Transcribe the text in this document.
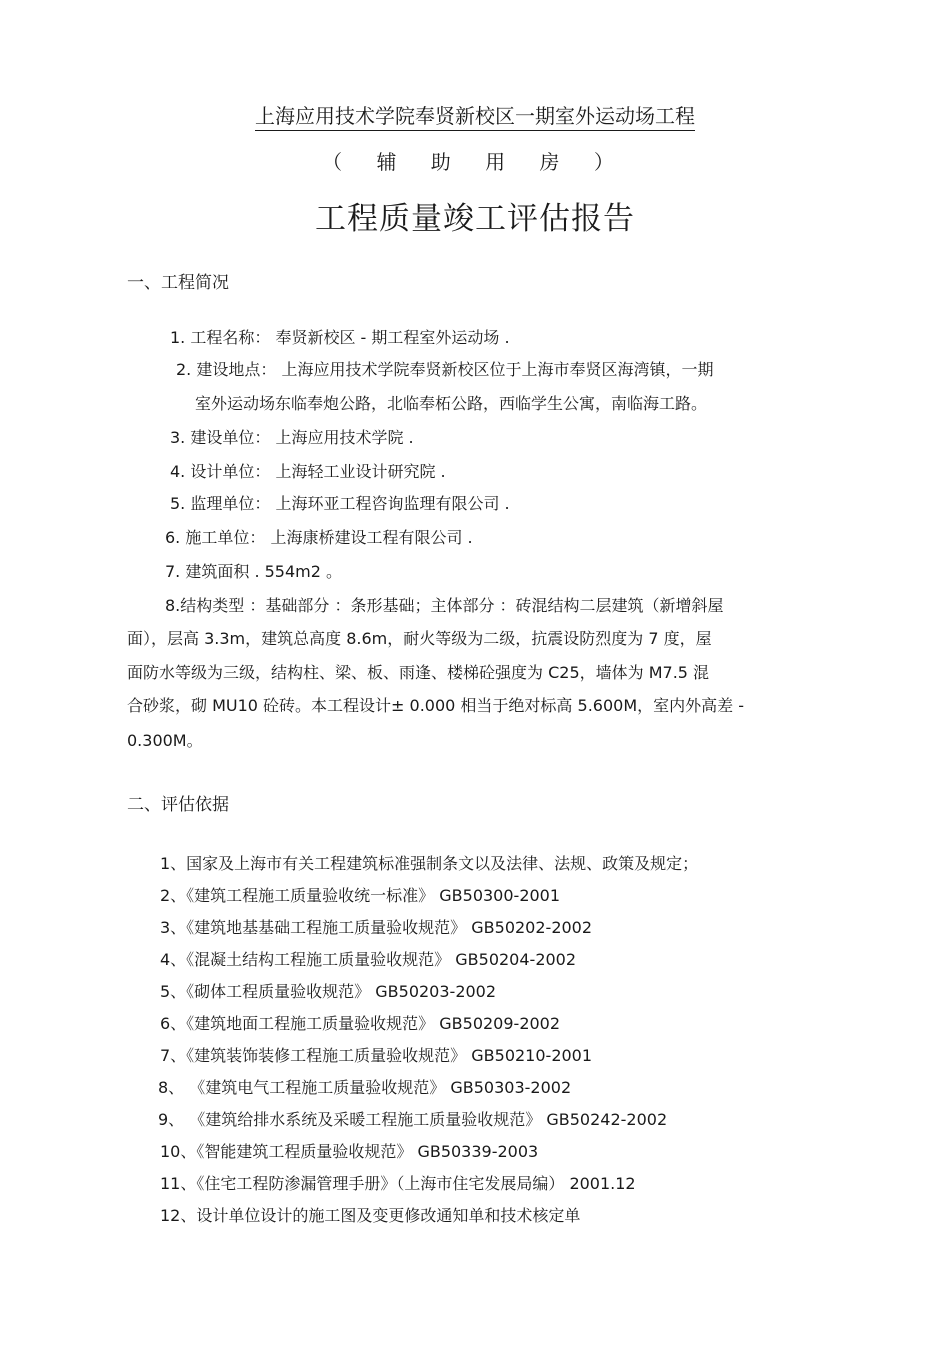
上海应用技术学院奉贤新校区一期室外运动场工程
（ 辅 助 用 房 ）
工程质量竣工评估报告
一、工程简况
1. 工程名称： 奉贤新校区 - 期工程室外运动场 .
2. 建设地点： 上海应用技术学院奉贤新校区位于上海市奉贤区海湾镇，一期
室外运动场东临奉炮公路，北临奉柘公路，西临学生公寓，南临海工路。
3. 建设单位： 上海应用技术学院 .
4. 设计单位： 上海轻工业设计研究院 .
5. 监理单位： 上海环亚工程咨询监理有限公司 .
6. 施工单位： 上海康桥建设工程有限公司 .
7. 建筑面积 . 554m2 。
8.结构类型 ：基础部分 ：条形基础；主体部分 ：砖混结构二层建筑（新增斜屋
面），层高 3.3m，建筑总高度 8.6m，耐火等级为二级，抗震设防烈度为 7 度，屋
面防水等级为三级，结构柱、梁、板、雨逢、楼梯砼强度为 C25，墙体为 M7.5 混
合砂浆，砌 MU10 砼砖。本工程设计± 0.000 相当于绝对标高 5.600M，室内外高差 -
0.300M。
二、评估依据
1、国家及上海市有关工程建筑标准强制条文以及法律、法规、政策及规定；
2、《建筑工程施工质量验收统一标准》 GB50300-2001
3、《建筑地基基础工程施工质量验收规范》 GB50202-2002
4、《混凝土结构工程施工质量验收规范》 GB50204-2002
5、《砌体工程质量验收规范》 GB50203-2002
6、《建筑地面工程施工质量验收规范》 GB50209-2002
7、《建筑装饰装修工程施工质量验收规范》 GB50210-2001
8、 《建筑电气工程施工质量验收规范》 GB50303-2002
9、 《建筑给排水系统及采暖工程施工质量验收规范》 GB50242-2002
10、《智能建筑工程质量验收规范》 GB50339-2003
11、《住宅工程防渗漏管理手册》（上海市住宅发展局编） 2001.12
12、设计单位设计的施工图及变更修改通知单和技术核定单
